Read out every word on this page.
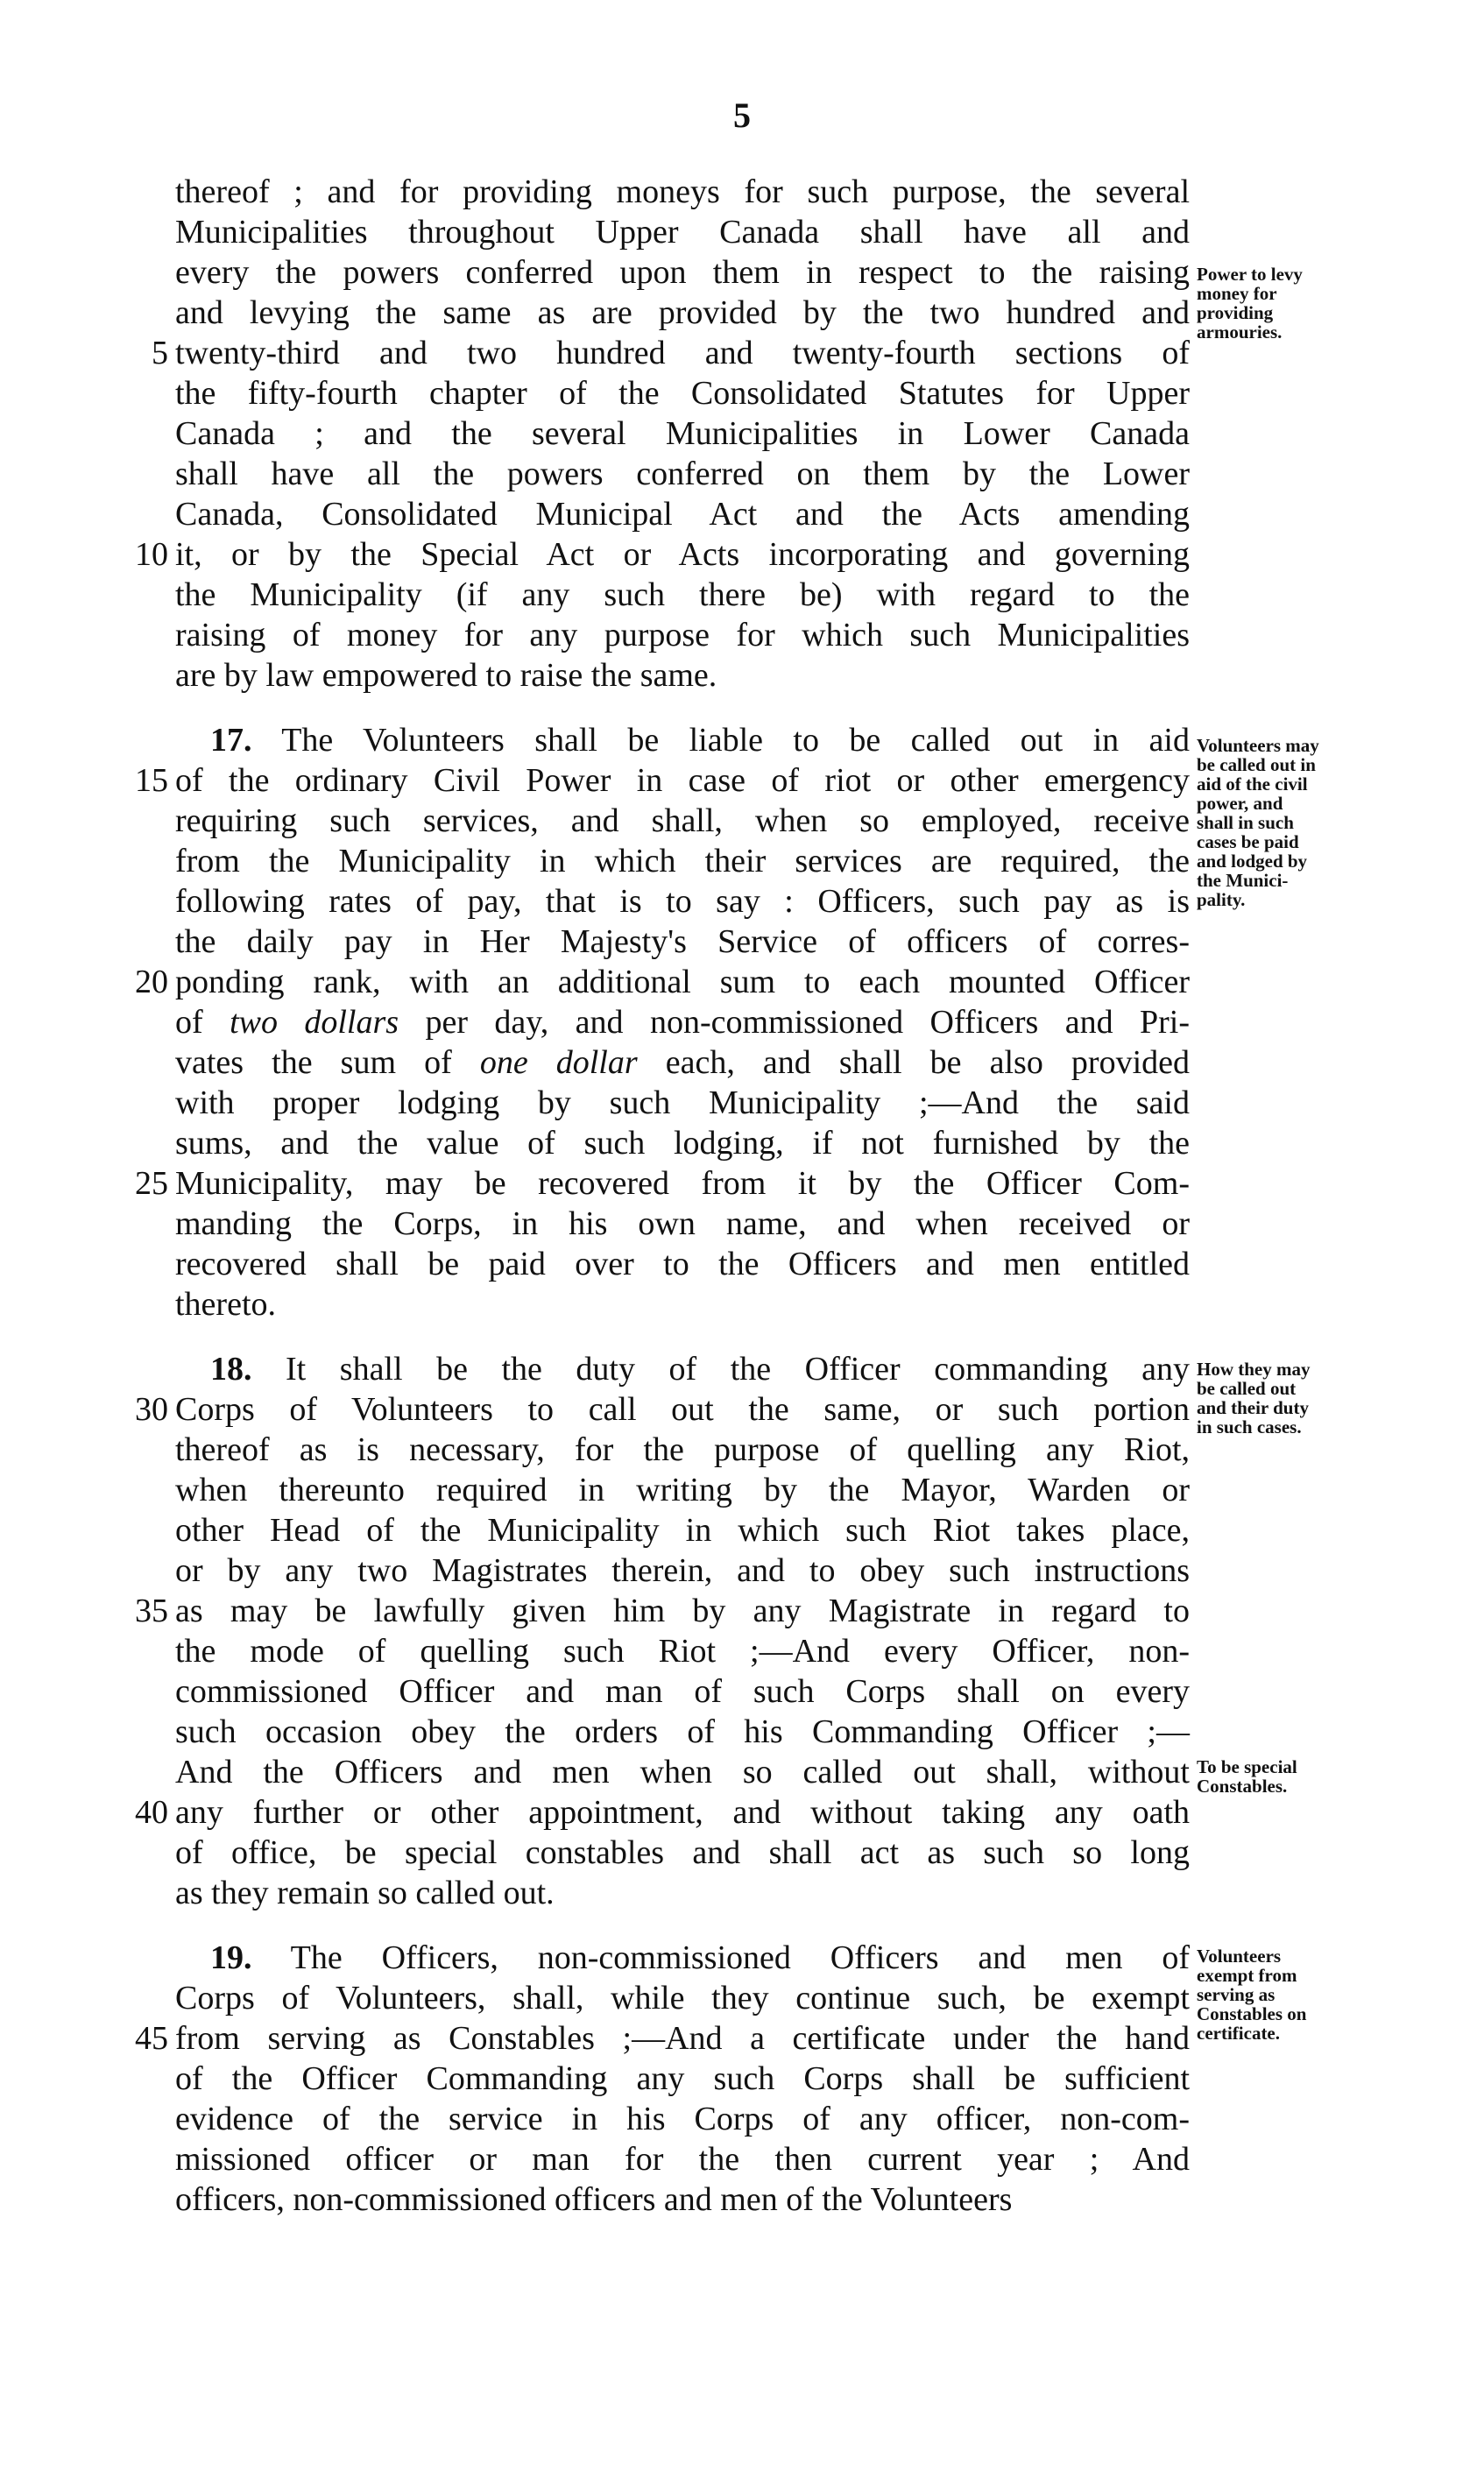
5
thereof ; and for providing moneys for such purpose, the several
Municipalities throughout Upper Canada shall have all and
every the powers conferred upon them in respect to the raising
and levying the same as are provided by the two hundred and
twenty-third and two hundred and twenty-fourth sections of
the fifty-fourth chapter of the Consolidated Statutes for Upper
Canada ; and the several Municipalities in Lower Canada
shall have all the powers conferred on them by the Lower
Canada, Consolidated Municipal Act and the Acts amending
it, or by the Special Act or Acts incorporating and governing
the Municipality (if any such there be) with regard to the
raising of money for any purpose for which such Municipalities
are by law empowered to raise the same.
17. The Volunteers shall be liable to be called out in aid
of the ordinary Civil Power in case of riot or other emergency
requiring such services, and shall, when so employed, receive
from the Municipality in which their services are required, the
following rates of pay, that is to say : Officers, such pay as is
the daily pay in Her Majesty's Service of officers of corres-
ponding rank, with an additional sum to each mounted Officer
of two dollars per day, and non-commissioned Officers and Pri-
vates the sum of one dollar each, and shall be also provided
with proper lodging by such Municipality ;—And the said
sums, and the value of such lodging, if not furnished by the
Municipality, may be recovered from it by the Officer Com-
manding the Corps, in his own name, and when received or
recovered shall be paid over to the Officers and men entitled
thereto.
18. It shall be the duty of the Officer commanding any
Corps of Volunteers to call out the same, or such portion
thereof as is necessary, for the purpose of quelling any Riot,
when thereunto required in writing by the Mayor, Warden or
other Head of the Municipality in which such Riot takes place,
or by any two Magistrates therein, and to obey such instructions
as may be lawfully given him by any Magistrate in regard to
the mode of quelling such Riot ;—And every Officer, non-
commissioned Officer and man of such Corps shall on every
such occasion obey the orders of his Commanding Officer ;—
And the Officers and men when so called out shall, without
any further or other appointment, and without taking any oath
of office, be special constables and shall act as such so long
as they remain so called out.
19. The Officers, non-commissioned Officers and men of
Corps of Volunteers, shall, while they continue such, be exempt
from serving as Constables ;—And a certificate under the hand
of the Officer Commanding any such Corps shall be sufficient
evidence of the service in his Corps of any officer, non-com-
missioned officer or man for the then current year ; And
officers, non-commissioned officers and men of the Volunteers
5
10
15
20
25
30
35
40
45
Power to levy
money for
providing
armouries.
Volunteers may
be called out in
aid of the civil
power, and
shall in such
cases be paid
and lodged by
the Munici-
pality.
How they may
be called out
and their duty
in such cases.
To be special
Constables.
Volunteers
exempt from
serving as
Constables on
certificate.
